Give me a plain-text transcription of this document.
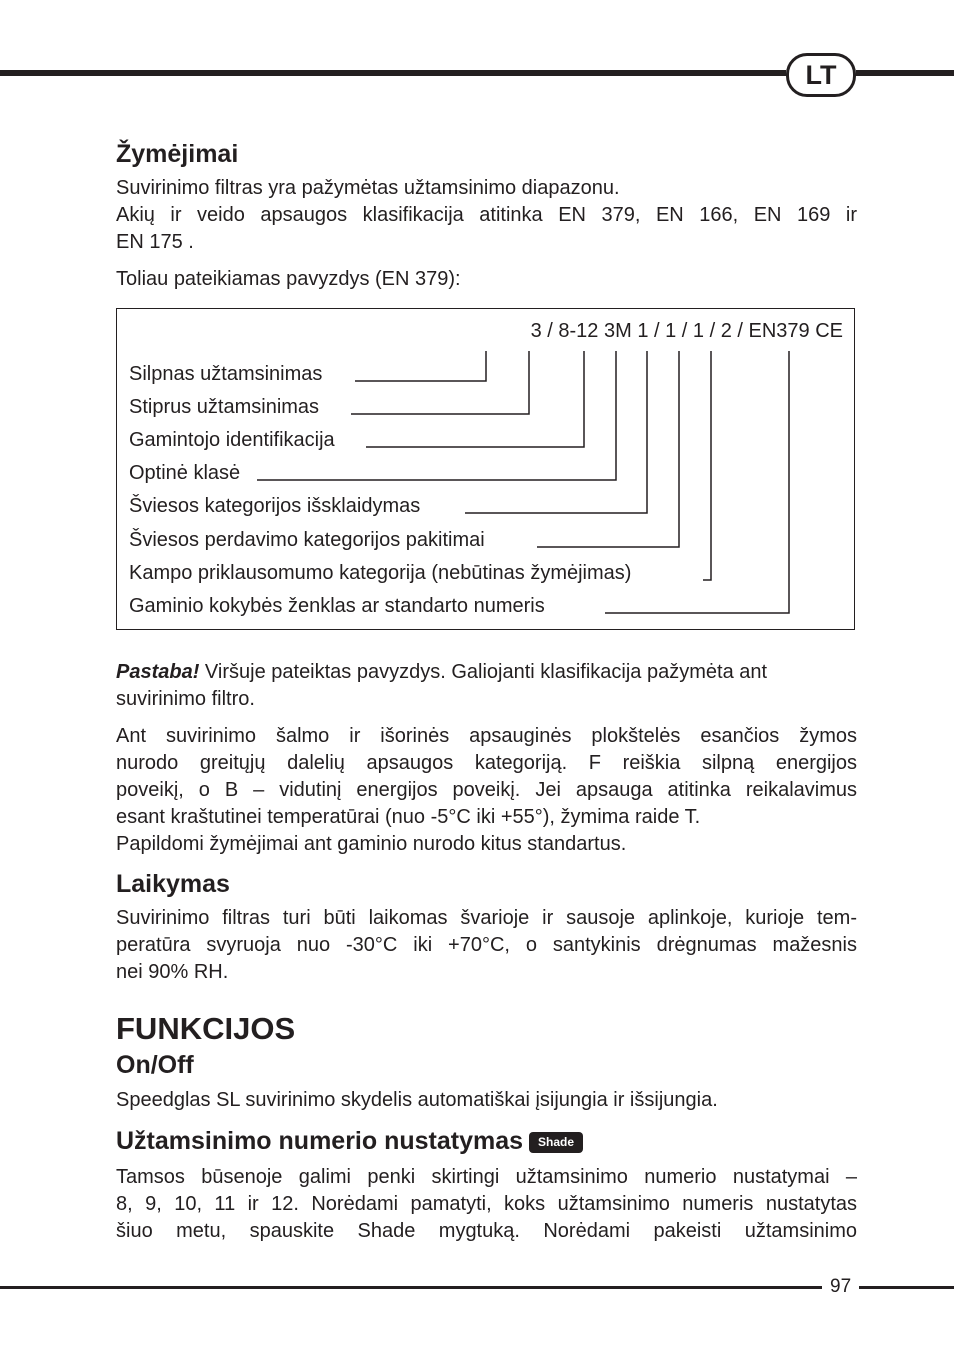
LT
Žymėjimai
Suvirinimo filtras yra pažymėtas užtamsinimo diapazonu.
Akių ir veido apsaugos klasifikacija atitinka EN 379, EN 166, EN 169 ir
EN 175 .
Toliau pateikiamas pavyzdys (EN 379):
3 / 8-12 3M 1 / 1 / 1 / 2 / EN379 CE
Silpnas užtamsinimas
Stiprus užtamsinimas
Gamintojo identifikacija
Optinė klasė
Šviesos kategorijos išsklaidymas
Šviesos perdavimo kategorijos pakitimai
Kampo priklausomumo kategorija (nebūtinas žymėjimas)
Gaminio kokybės ženklas ar standarto numeris
Pastaba! Viršuje pateiktas pavyzdys. Galiojanti klasifikacija pažymėta ant
suvirinimo filtro.
Ant suvirinimo šalmo ir išorinės apsauginės plokštelės esančios žymos
nurodo greitųjų dalelių apsaugos kategoriją. F reiškia silpną energijos
poveikį, o B – vidutinį energijos poveikį. Jei apsauga atitinka reikalavimus
esant kraštutinei temperatūrai (nuo -5°C iki +55°), žymima raide T.
Papildomi žymėjimai ant gaminio nurodo kitus standartus.
Laikymas
Suvirinimo filtras turi būti laikomas švarioje ir sausoje aplinkoje, kurioje tem-
peratūra svyruoja nuo -30°C iki +70°C, o santykinis drėgnumas mažesnis
nei 90% RH.
FUNKCIJOS
On/Off
Speedglas SL suvirinimo skydelis automatiškai įsijungia ir išsijungia.
Užtamsinimo numerio nustatymas Shade
Tamsos būsenoje galimi penki skirtingi užtamsinimo numerio nustatymai –
8, 9, 10, 11 ir 12. Norėdami pamatyti, koks užtamsinimo numeris nustatytas
šiuo metu, spauskite Shade mygtuką. Norėdami pakeisti užtamsinimo
97
